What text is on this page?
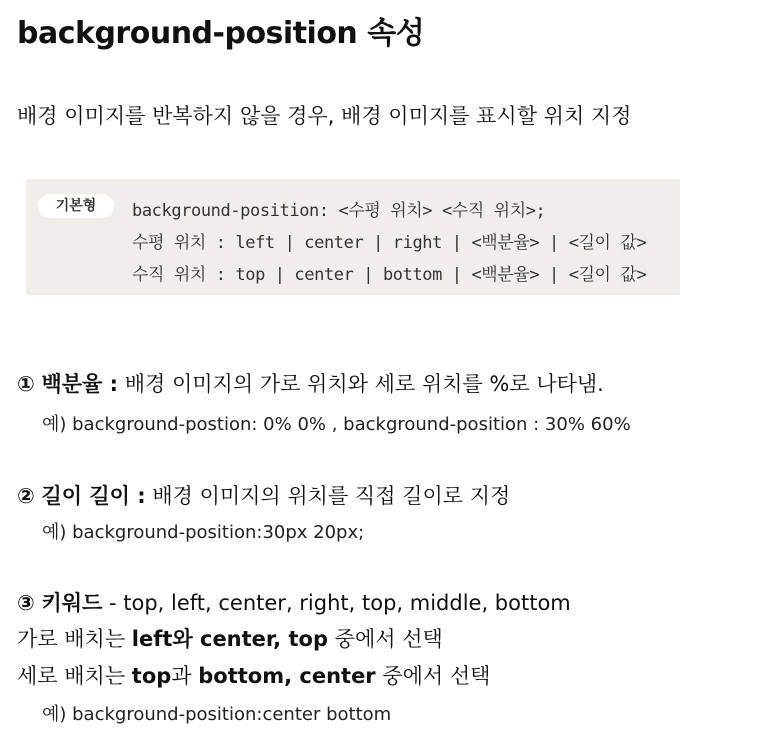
background-position 속성
배경 이미지를 반복하지 않을 경우, 배경 이미지를 표시할 위치 지정
기본형	background-position: <수평 위치> <수직 위치>;
수평 위치 : left | center | right | <백분율> | <길이 값>
수직 위치 : top | center | bottom | <백분율> | <길이 값>
① 백분율 : 배경 이미지의 가로 위치와 세로 위치를 %로 나타냄.
예) background-postion: 0% 0% , background-position : 30% 60%
② 길이 길이 : 배경 이미지의 위치를 직접 길이로 지정
예) background-position:30px 20px;
③ 키워드 - top, left, center, right, top, middle, bottom
가로 배치는 left와 center, top 중에서 선택
세로 배치는 top과 bottom, center 중에서 선택
예) background-position:center bottom
